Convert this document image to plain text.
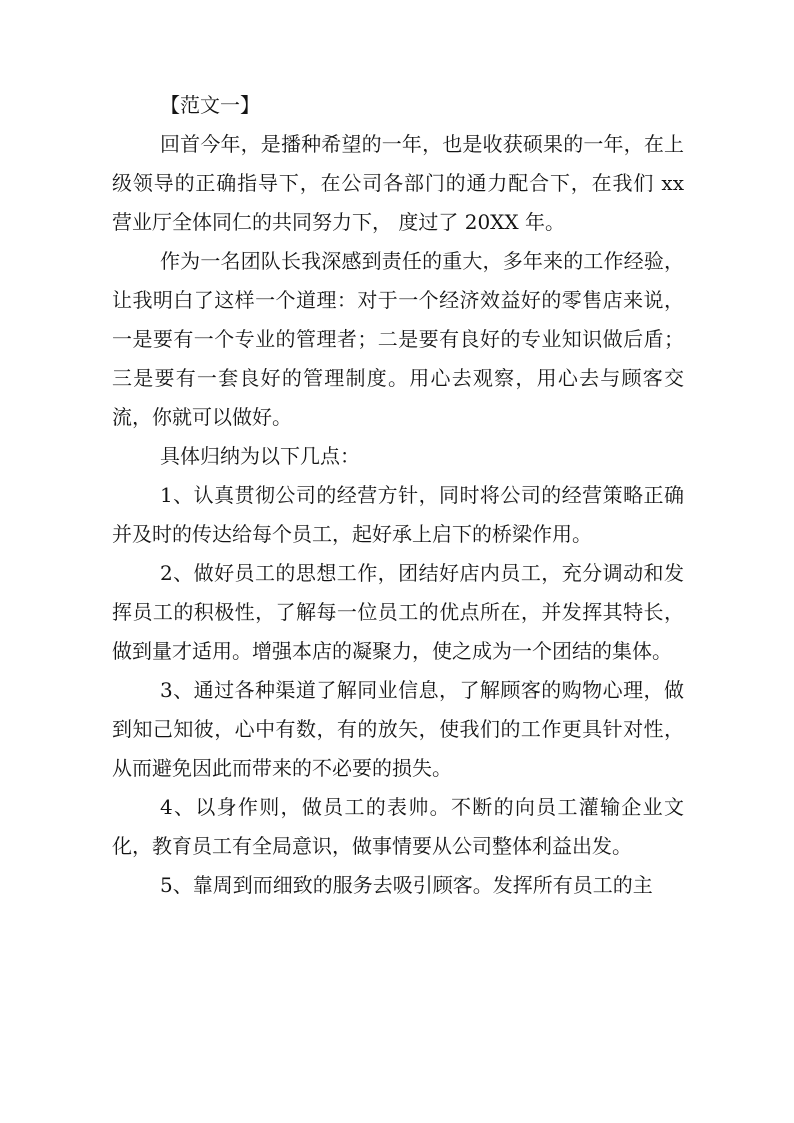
【范文一】

回首今年，是播种希望的一年，也是收获硕果的一年，在上级领导的正确指导下，在公司各部门的通力配合下，在我们 xx 营业厅全体同仁的共同努力下， 度过了 20XX 年。

作为一名团队长我深感到责任的重大，多年来的工作经验，让我明白了这样一个道理：对于一个经济效益好的零售店来说，一是要有一个专业的管理者；二是要有良好的专业知识做后盾；三是要有一套良好的管理制度。用心去观察，用心去与顾客交流，你就可以做好。

具体归纳为以下几点：

1、认真贯彻公司的经营方针，同时将公司的经营策略正确并及时的传达给每个员工，起好承上启下的桥梁作用。

2、做好员工的思想工作，团结好店内员工，充分调动和发挥员工的积极性，了解每一位员工的优点所在，并发挥其特长，做到量才适用。增强本店的凝聚力，使之成为一个团结的集体。

3、通过各种渠道了解同业信息，了解顾客的购物心理，做到知己知彼，心中有数，有的放矢，使我们的工作更具针对性，从而避免因此而带来的不必要的损失。

4、以身作则，做员工的表帅。不断的向员工灌输企业文化，教育员工有全局意识，做事情要从公司整体利益出发。

5、靠周到而细致的服务去吸引顾客。发挥所有员工的主
